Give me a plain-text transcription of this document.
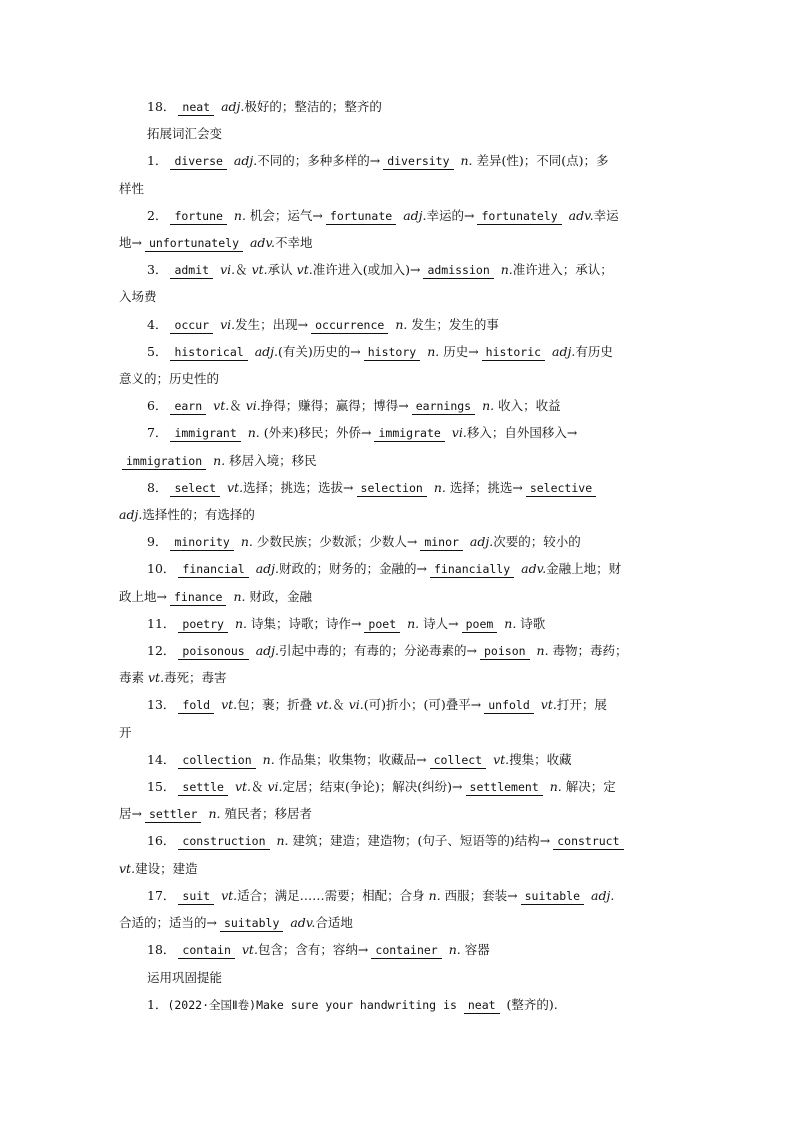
18． neat adj.极好的；整洁的；整齐的
拓展词汇会变
1． diverse adj.不同的；多种多样的→ diversity n. 差异(性)；不同(点)；多
样性
2． fortune n. 机会；运气→ fortunate adj.幸运的→ fortunately adv.幸运
地→ unfortunately adv.不幸地
3． admit vi.＆ vt.承认 vt.准许进入(或加入)→ admission n.准许进入；承认；
入场费
4． occur vi.发生；出现→ occurrence n. 发生；发生的事
5． historical adj.(有关)历史的→ history n. 历史→ historic adj.有历史
意义的；历史性的
6． earn vt.＆ vi.挣得；赚得；赢得；博得→ earnings n. 收入；收益
7． immigrant n. (外来)移民；外侨→ immigrate vi.移入；自外国移入→
immigration n. 移居入境；移民
8． select vt.选择；挑选；选拔→ selection n. 选择；挑选→ selective
adj.选择性的；有选择的
9． minority n. 少数民族；少数派；少数人→ minor adj.次要的；较小的
10． financial adj.财政的；财务的；金融的→ financially adv.金融上地；财
政上地→ finance n. 财政，金融
11． poetry n. 诗集；诗歌；诗作→ poet n. 诗人→ poem n. 诗歌
12． poisonous adj.引起中毒的；有毒的；分泌毒素的→ poison n. 毒物；毒药；
毒素 vt.毒死；毒害
13． fold vt.包；裹；折叠 vt.＆ vi.(可)折小；(可)叠平→ unfold vt.打开；展
开
14． collection n. 作品集；收集物；收藏品→ collect vt.搜集；收藏
15． settle vt.＆ vi.定居；结束(争论)；解决(纠纷)→ settlement n. 解决；定
居→ settler n. 殖民者；移居者
16． construction n. 建筑；建造；建造物；(句子、短语等的)结构→ construct
vt.建设；建造
17． suit vt.适合；满足……需要；相配；合身 n. 西服；套装→ suitable adj.
合适的；适当的→ suitably adv.合适地
18． contain vt.包含；含有；容纳→ container n. 容器
运用巩固提能
1．(2022·全国Ⅱ卷)Make sure your handwriting is neat (整齐的).
